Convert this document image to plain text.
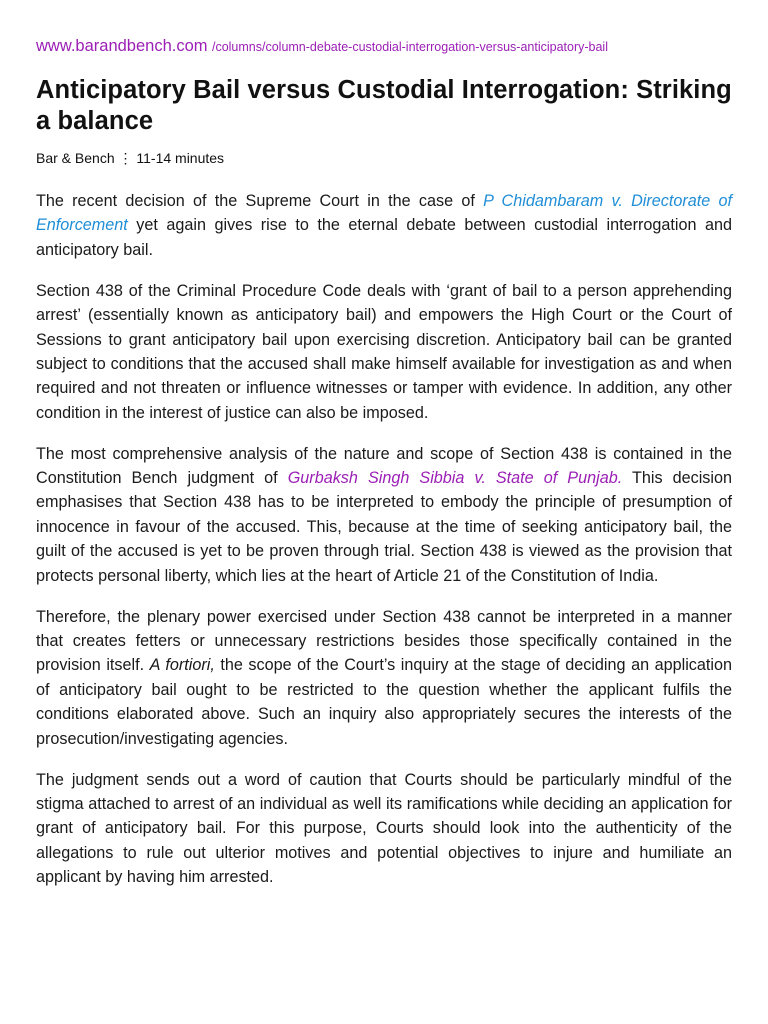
www.barandbench.com /columns/column-debate-custodial-interrogation-versus-anticipatory-bail

Anticipatory Bail versus Custodial Interrogation: Striking a balance

Bar & Bench ⋮ 11-14 minutes

The recent decision of the Supreme Court in the case of P Chidambaram v. Directorate of Enforcement yet again gives rise to the eternal debate between custodial interrogation and anticipatory bail.

Section 438 of the Criminal Procedure Code deals with ‘grant of bail to a person apprehending arrest’ (essentially known as anticipatory bail) and empowers the High Court or the Court of Sessions to grant anticipatory bail upon exercising discretion. Anticipatory bail can be granted subject to conditions that the accused shall make himself available for investigation as and when required and not threaten or influence witnesses or tamper with evidence. In addition, any other condition in the interest of justice can also be imposed.

The most comprehensive analysis of the nature and scope of Section 438 is contained in the Constitution Bench judgment of Gurbaksh Singh Sibbia v. State of Punjab. This decision emphasises that Section 438 has to be interpreted to embody the principle of presumption of innocence in favour of the accused. This, because at the time of seeking anticipatory bail, the guilt of the accused is yet to be proven through trial. Section 438 is viewed as the provision that protects personal liberty, which lies at the heart of Article 21 of the Constitution of India.

Therefore, the plenary power exercised under Section 438 cannot be interpreted in a manner that creates fetters or unnecessary restrictions besides those specifically contained in the provision itself. A fortiori, the scope of the Court’s inquiry at the stage of deciding an application of anticipatory bail ought to be restricted to the question whether the applicant fulfils the conditions elaborated above. Such an inquiry also appropriately secures the interests of the prosecution/investigating agencies.

The judgment sends out a word of caution that Courts should be particularly mindful of the stigma attached to arrest of an individual as well its ramifications while deciding an application for grant of anticipatory bail. For this purpose, Courts should look into the authenticity of the allegations to rule out ulterior motives and potential objectives to injure and humiliate an applicant by having him arrested.
